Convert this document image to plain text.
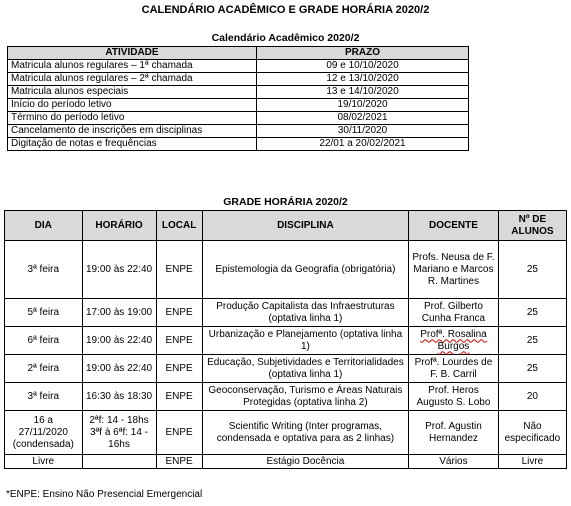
CALENDÁRIO ACADÊMICO E GRADE HORÁRIA 2020/2
Calendário Acadêmico 2020/2
ATIVIDADE	PRAZO
Matricula alunos regulares – 1ª chamada	09 e 10/10/2020
Matricula alunos regulares – 2ª chamada	12 e 13/10/2020
Matricula alunos especiais	13 e 14/10/2020
Início do período letivo	19/10/2020
Término do período letivo	08/02/2021
Cancelamento de inscrições em disciplinas	30/11/2020
Digitação de notas e frequências	22/01 a 20/02/2021
GRADE HORÁRIA 2020/2
DIA	HORÁRIO	LOCAL	DISCIPLINA	DOCENTE	Nº DE ALUNOS
3ª feira	19:00 às 22:40	ENPE	Epistemologia da Geografia (obrigatória)	Profs. Neusa de F. Mariano e Marcos R. Martines	25
5ª feira	17:00 às 19:00	ENPE	Produção Capitalista das Infraestruturas (optativa linha 1)	Prof. Gilberto Cunha Franca	25
6ª feira	19:00 às 22:40	ENPE	Urbanização e Planejamento (optativa linha 1)	Profª. Rosalina Burgos	25
2ª feira	19:00 às 22:40	ENPE	Educação, Subjetividades e Territorialidades (optativa linha 1)	Profª. Lourdes de F. B. Carril	25
3ª feira	16:30 às 18:30	ENPE	Geoconservação, Turismo e Áreas Naturais Protegidas (optativa linha 2)	Prof. Heros Augusto S. Lobo	20
16 a 27/11/2020 (condensada)	2ªf: 14 - 18hs 3ªf à 6ªf: 14 - 16hs	ENPE	Scientific Writing (Inter programas, condensada e optativa para as 2 linhas)	Prof. Agustin Hernandez	Não especificado
Livre		ENPE	Estágio Docência	Vários	Livre
*ENPE: Ensino Não Presencial Emergencial
